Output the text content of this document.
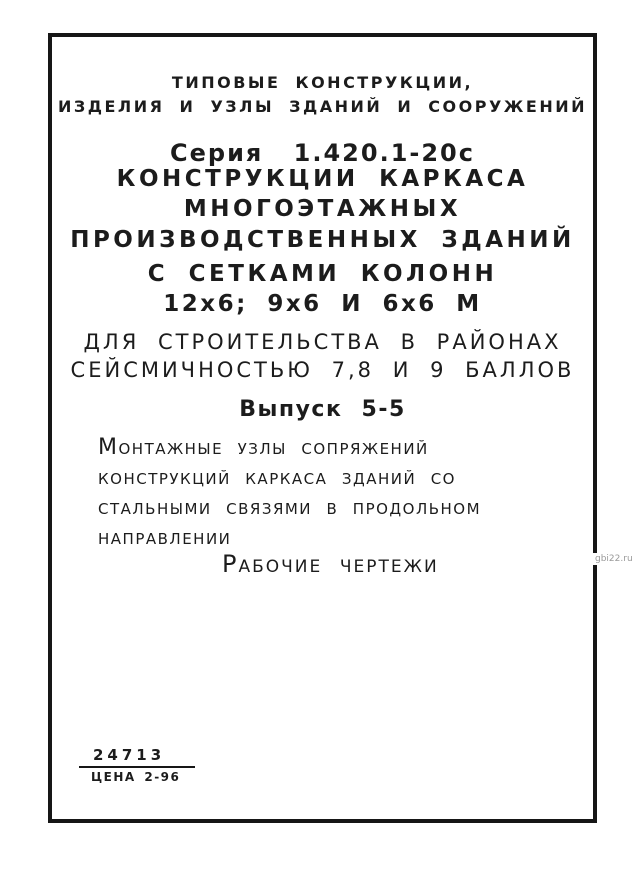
ТИПОВЫЕ КОНСТРУКЦИИ,
ИЗДЕЛИЯ И УЗЛЫ ЗДАНИЙ И СООРУЖЕНИЙ
Серия 1.420.1-20с
КОНСТРУКЦИИ КАРКАСА
МНОГОЭТАЖНЫХ
ПРОИЗВОДСТВЕННЫХ ЗДАНИЙ
С СЕТКАМИ КОЛОНН
12х6; 9х6 И 6х6 М
ДЛЯ СТРОИТЕЛЬСТВА В РАЙОНАХ
СЕЙСМИЧНОСТЬЮ 7,8 И 9 БАЛЛОВ
Выпуск 5-5
Монтажные узлы сопряжений
конструкций каркаса зданий со
стальными связями в продольном
направлении
Рабочие чертежи
24713
ЦЕНА 2-96
gbi22.ru
